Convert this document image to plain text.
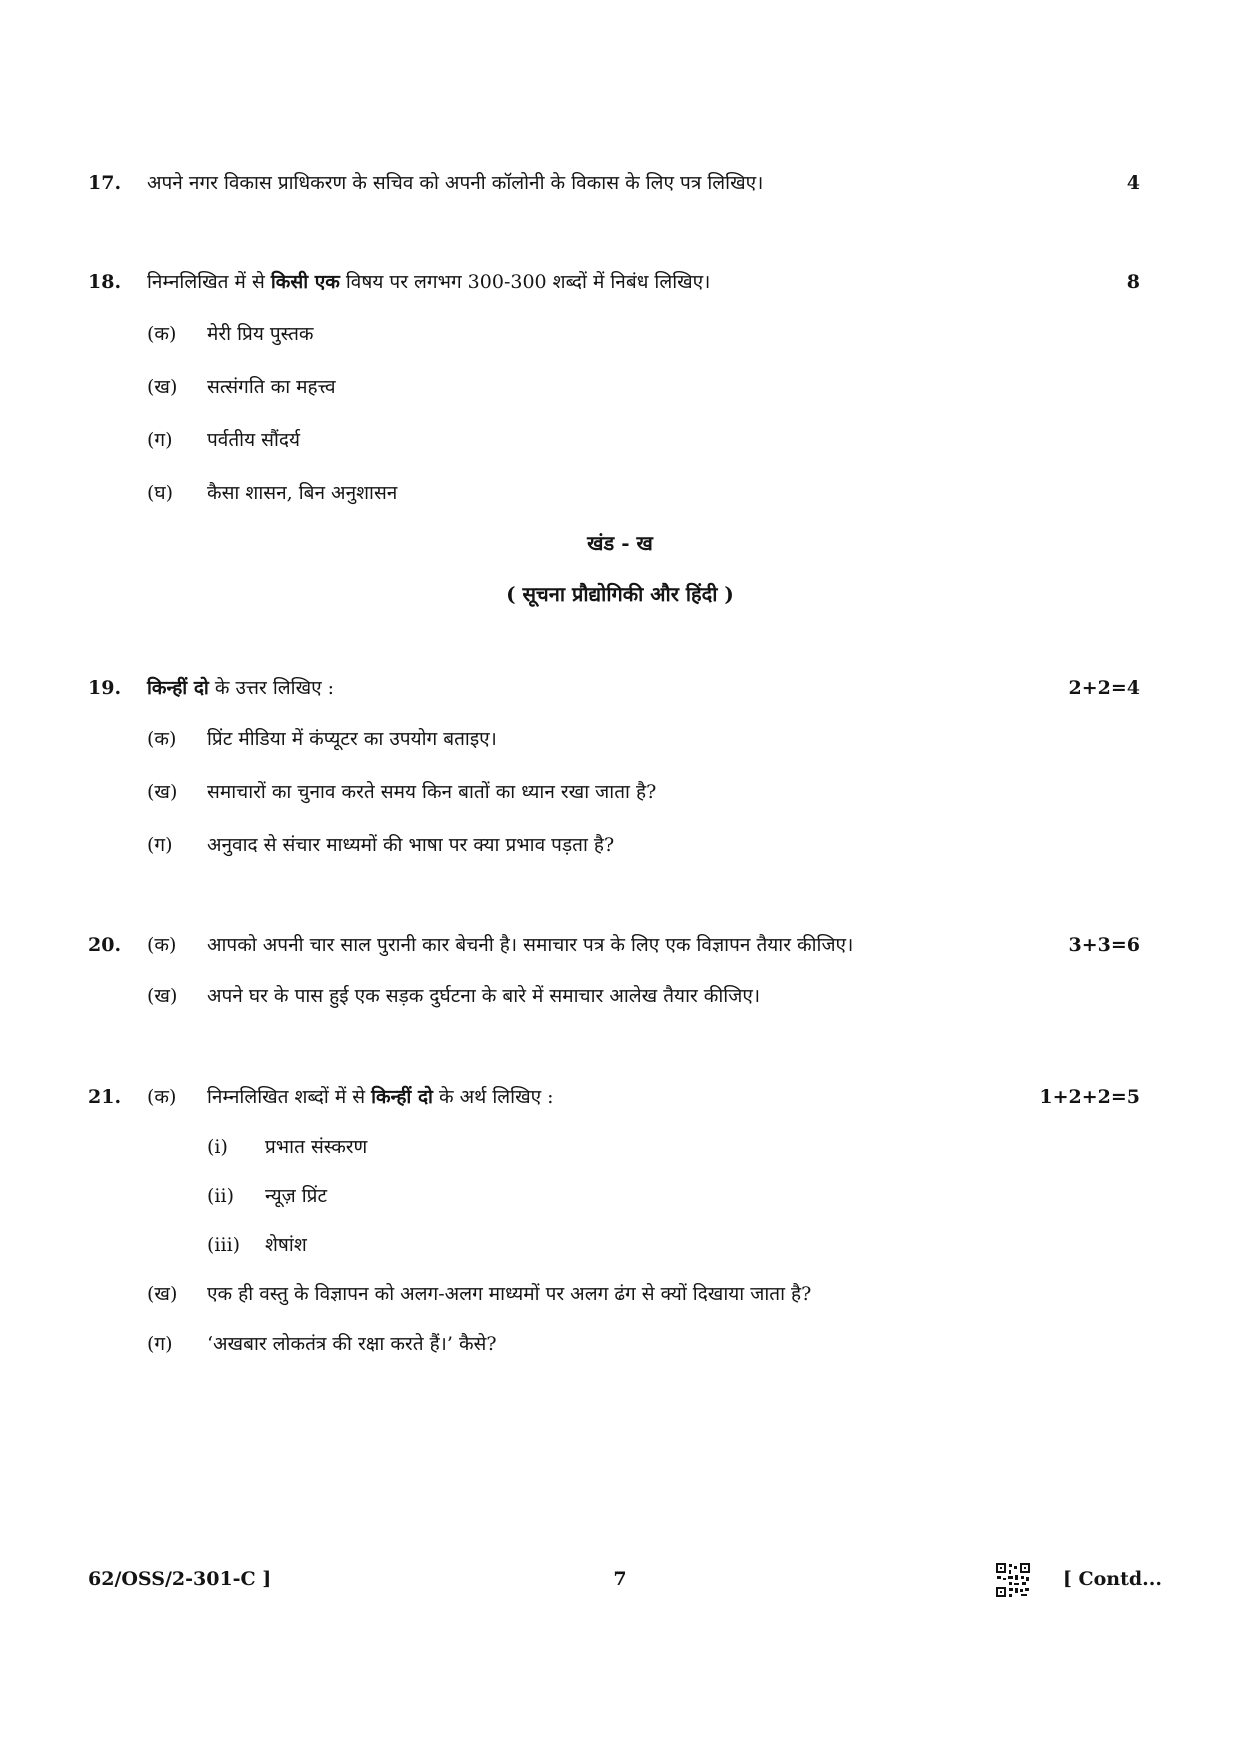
17. अपने नगर विकास प्राधिकरण के सचिव को अपनी कॉलोनी के विकास के लिए पत्र लिखिए।	4
18. निम्नलिखित में से किसी एक विषय पर लगभग 300-300 शब्दों में निबंध लिखिए।	8
(क) मेरी प्रिय पुस्तक
(ख) सत्संगति का महत्त्व
(ग) पर्वतीय सौंदर्य
(घ) कैसा शासन, बिन अनुशासन
खंड - ख
( सूचना प्रौद्योगिकी और हिंदी )
19. किन्हीं दो के उत्तर लिखिए :	2+2=4
(क) प्रिंट मीडिया में कंप्यूटर का उपयोग बताइए।
(ख) समाचारों का चुनाव करते समय किन बातों का ध्यान रखा जाता है?
(ग) अनुवाद से संचार माध्यमों की भाषा पर क्या प्रभाव पड़ता है?
20. (क) आपको अपनी चार साल पुरानी कार बेचनी है। समाचार पत्र के लिए एक विज्ञापन तैयार कीजिए।	3+3=6
(ख) अपने घर के पास हुई एक सड़क दुर्घटना के बारे में समाचार आलेख तैयार कीजिए।
21. (क) निम्नलिखित शब्दों में से किन्हीं दो के अर्थ लिखिए :	1+2+2=5
(i) प्रभात संस्करण
(ii) न्यूज़ प्रिंट
(iii) शेषांश
(ख) एक ही वस्तु के विज्ञापन को अलग-अलग माध्यमों पर अलग ढंग से क्यों दिखाया जाता है?
(ग) ‘अखबार लोकतंत्र की रक्षा करते हैं।’ कैसे?
62/OSS/2-301-C ]	7	[ Contd...
